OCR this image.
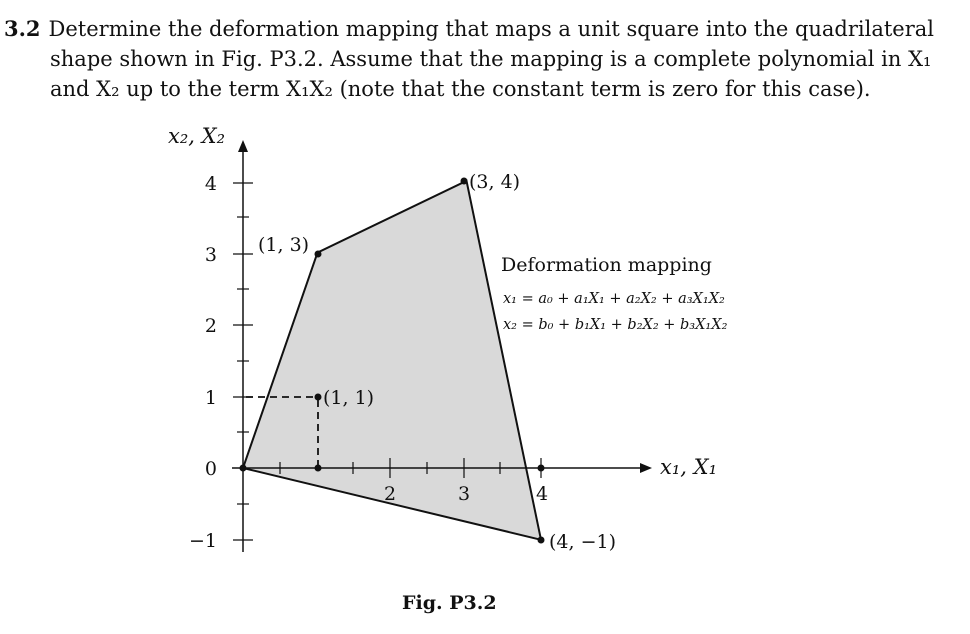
3.2 Determine the deformation mapping that maps a unit square into the quadrilateral
shape shown in Fig. P3.2. Assume that the mapping is a complete polynomial in X₁
and X₂ up to the term X₁X₂ (note that the constant term is zero for this case).
4
3
2
1
0
−1
2	3	4
x₂, X₂
x₁, X₁
(1, 3)
(3, 4)
(1, 1)
(4, −1)
Deformation mapping
x₁ = a₀ + a₁X₁ + a₂X₂ + a₃X₁X₂
x₂ = b₀ + b₁X₁ + b₂X₂ + b₃X₁X₂
Fig. P3.2
